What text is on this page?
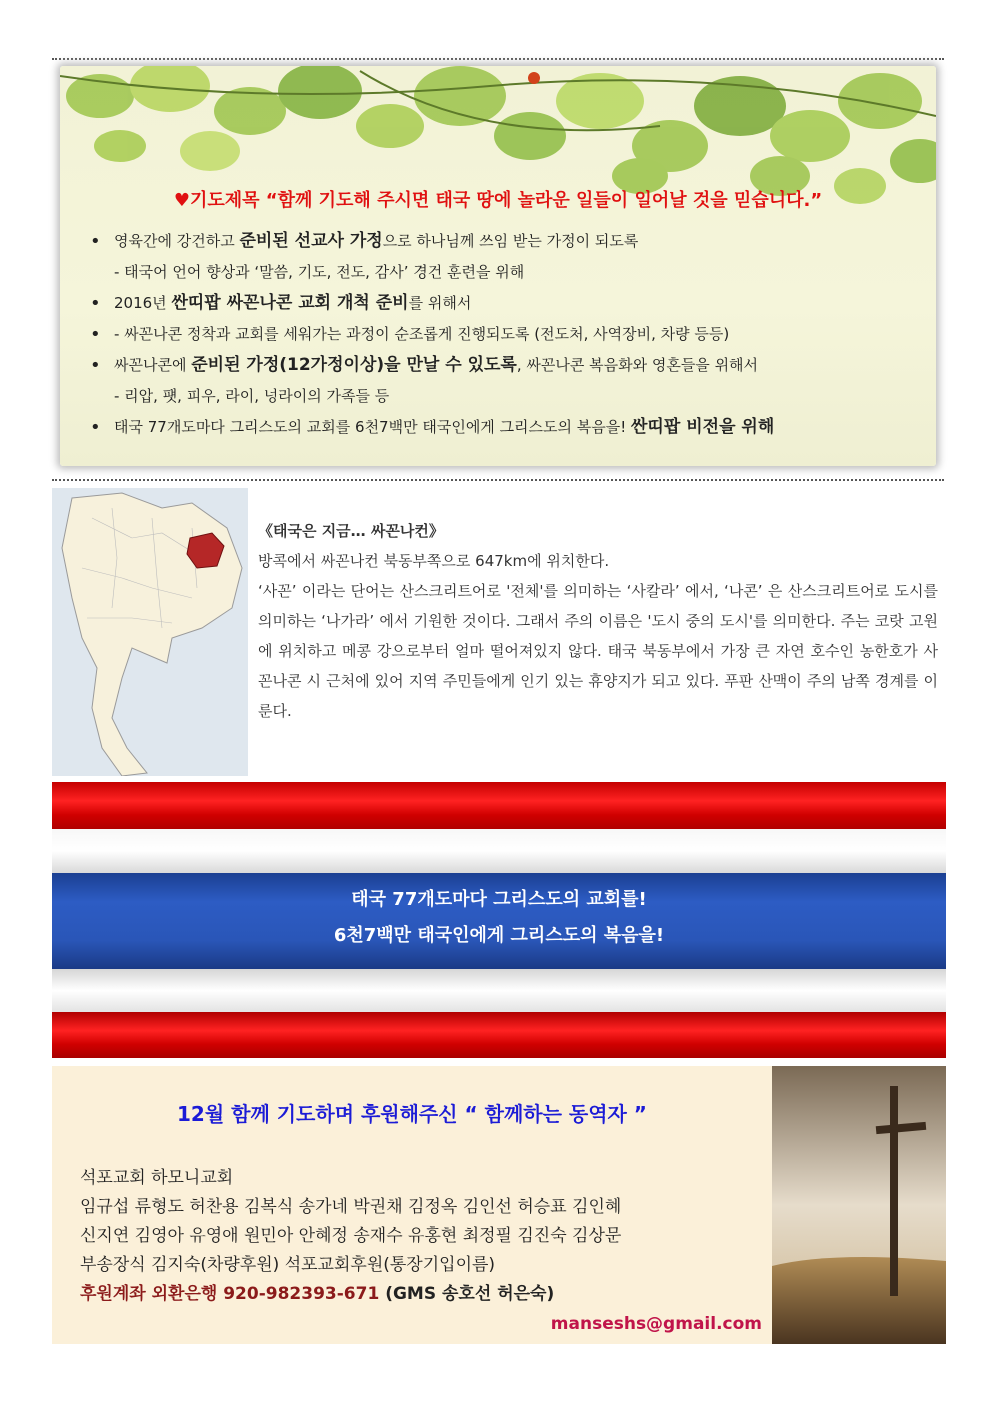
♥기도제목 “함께 기도해 주시면 태국 땅에 놀라운 일들이 일어날 것을 믿습니다.”
• 영육간에 강건하고 준비된 선교사 가정으로 하나님께 쓰임 받는 가정이 되도록
- 태국어 언어 향상과 ‘말씀, 기도, 전도, 감사’ 경건 훈련을 위해
• 2016년 싼띠팝 싸꼰나콘 교회 개척 준비를 위해서
• - 싸꼰나콘 정착과 교회를 세워가는 과정이 순조롭게 진행되도록 (전도처, 사역장비, 차량 등등)
• 싸꼰나콘에 준비된 가정(12가정이상)을 만날 수 있도록, 싸꼰나콘 복음화와 영혼들을 위해서
- 리압, 퍳, 피우, 라이, 넝라이의 가족들 등
• 태국 77개도마다 그리스도의 교회를 6천7백만 태국인에게 그리스도의 복음을! 싼띠팝 비전을 위해
《태국은 지금… 싸꼰나컨》
방콕에서 싸꼰나컨 북동부쪽으로 647km에 위치한다.
‘사꼰’ 이라는 단어는 산스크리트어로 '전체'를 의미하는 ‘사칼라’ 에서, ‘나콘’ 은 산스크리트어로 도시를 의미하는 ‘나가라’ 에서 기원한 것이다. 그래서 주의 이름은 '도시 중의 도시'를 의미한다. 주는 코랏 고원에 위치하고 메콩 강으로부터 얼마 떨어져있지 않다. 태국 북동부에서 가장 큰 자연 호수인 농한호가 사꼰나콘 시 근처에 있어 지역 주민들에게 인기 있는 휴양지가 되고 있다. 푸판 산맥이 주의 남쪽 경계를 이룬다.
태국 77개도마다 그리스도의 교회를!
6천7백만 태국인에게 그리스도의 복음을!
12월 함께 기도하며 후원해주신 “ 함께하는 동역자 ”
석포교회 하모니교회
임규섭 류형도 허찬용 김복식 송가네 박권채 김정옥 김인선 허승표 김인혜
신지연 김영아 유영애 원민아 안혜정 송재수 유홍현 최정필 김진숙 김상문
부송장식 김지숙(차량후원) 석포교회후원(통장기입이름)
후원계좌 외환은행 920-982393-671 (GMS 송호선 허은숙)
manseshs@gmail.com
